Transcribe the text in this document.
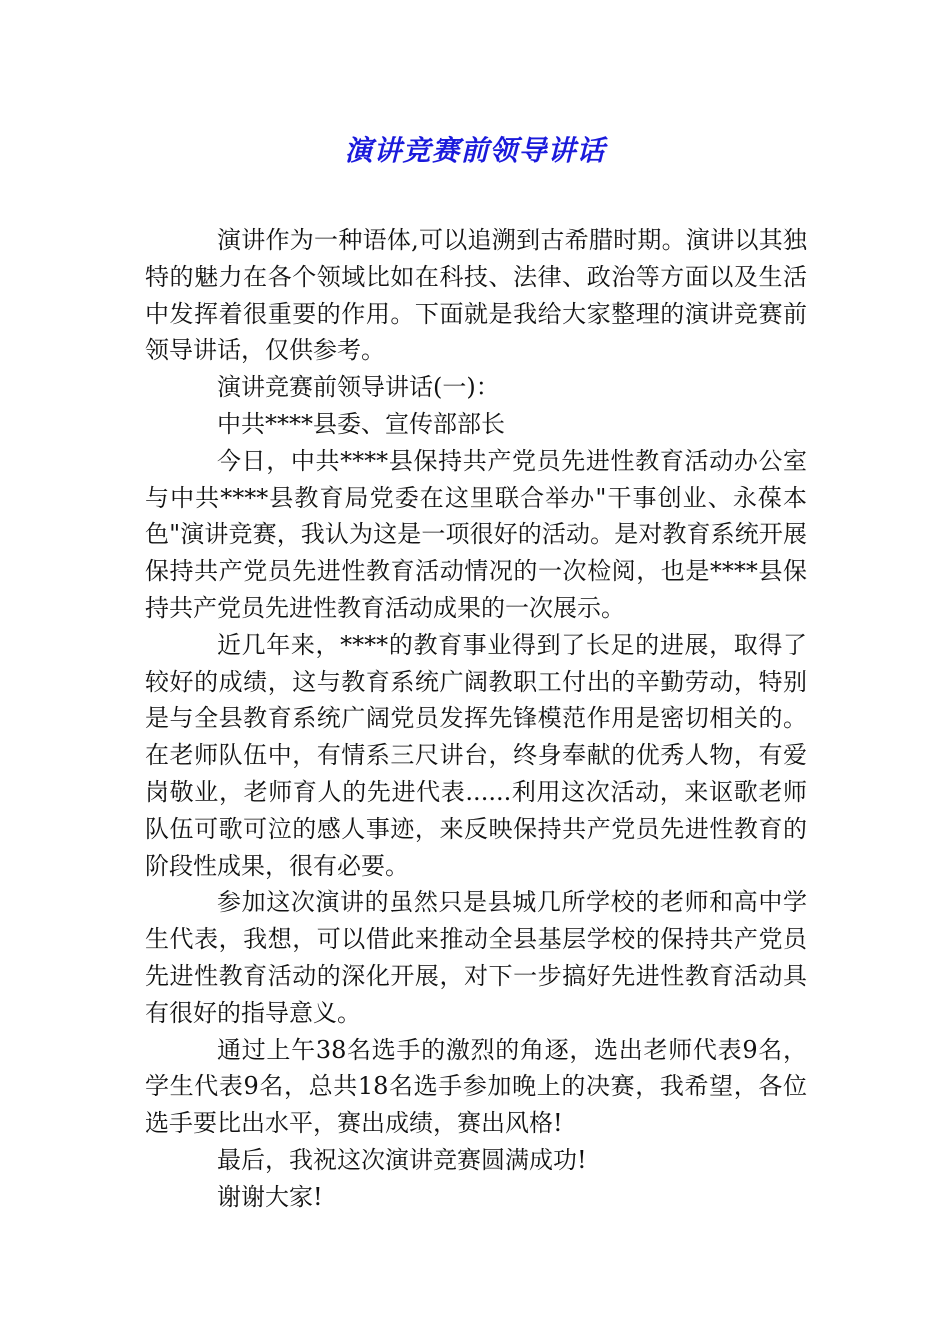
演讲竞赛前领导讲话

演讲作为一种语体,可以追溯到古希腊时期。演讲以其独特的魅力在各个领域比如在科技、法律、政治等方面以及生活中发挥着很重要的作用。下面就是我给大家整理的演讲竞赛前领导讲话，仅供参考。

演讲竞赛前领导讲话(一)：

中共****县委、宣传部部长

今日，中共****县保持共产党员先进性教育活动办公室与中共****县教育局党委在这里联合举办"干事创业、永葆本色"演讲竞赛，我认为这是一项很好的活动。是对教育系统开展保持共产党员先进性教育活动情况的一次检阅，也是****县保持共产党员先进性教育活动成果的一次展示。

近几年来，****的教育事业得到了长足的进展，取得了较好的成绩，这与教育系统广阔教职工付出的辛勤劳动，特别是与全县教育系统广阔党员发挥先锋模范作用是密切相关的。在老师队伍中，有情系三尺讲台，终身奉献的优秀人物，有爱岗敬业，老师育人的先进代表......利用这次活动，来讴歌老师队伍可歌可泣的感人事迹，来反映保持共产党员先进性教育的阶段性成果，很有必要。

参加这次演讲的虽然只是县城几所学校的老师和高中学生代表，我想，可以借此来推动全县基层学校的保持共产党员先进性教育活动的深化开展，对下一步搞好先进性教育活动具有很好的指导意义。

通过上午38名选手的激烈的角逐，选出老师代表9名，学生代表9名，总共18名选手参加晚上的决赛，我希望，各位选手要比出水平，赛出成绩，赛出风格!

最后，我祝这次演讲竞赛圆满成功!

谢谢大家!
